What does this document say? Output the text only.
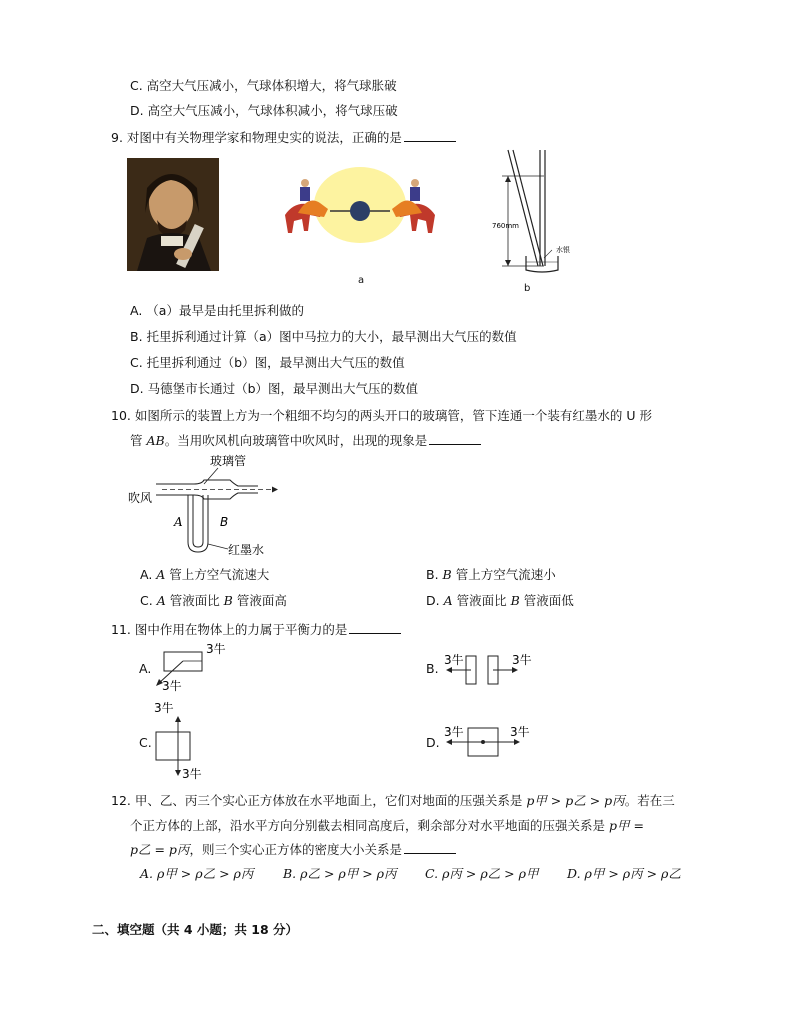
C. 高空大气压减小，气球体积增大，将气球胀破
D. 高空大气压减小，气球体积减小，将气球压破
9. 对图中有关物理学家和物理史实的说法，正确的是
a
760mm
水银
b
A. （a）最早是由托里拆利做的
B. 托里拆利通过计算（a）图中马拉力的大小，最早测出大气压的数值
C. 托里拆利通过（b）图，最早测出大气压的数值
D. 马德堡市长通过（b）图，最早测出大气压的数值
10. 如图所示的装置上方为一个粗细不均匀的两头开口的玻璃管，管下连通一个装有红墨水的 U 形
管 AB。当用吹风机向玻璃管中吹风时，出现的现象是
玻璃管
吹风
A	B
红墨水
A. A 管上方空气流速大	B. B 管上方空气流速小
C. A 管液面比 B 管液面高	D. A 管液面比 B 管液面低
11. 图中作用在物体上的力属于平衡力的是
A.
3牛
3牛
B.
3牛	3牛
C.
3牛
3牛
D.
3牛	3牛
12. 甲、乙、丙三个实心正方体放在水平地面上，它们对地面的压强关系是 p甲 > p乙 > p丙。若在三
个正方体的上部，沿水平方向分别截去相同高度后，剩余部分对水平地面的压强关系是 p甲 =
p乙 = p丙，则三个实心正方体的密度大小关系是
A. ρ甲 > ρ乙 > ρ丙 B. ρ乙 > ρ甲 > ρ丙 C. ρ丙 > ρ乙 > ρ甲 D. ρ甲 > ρ丙 > ρ乙
二、填空题（共 4 小题；共 18 分）
